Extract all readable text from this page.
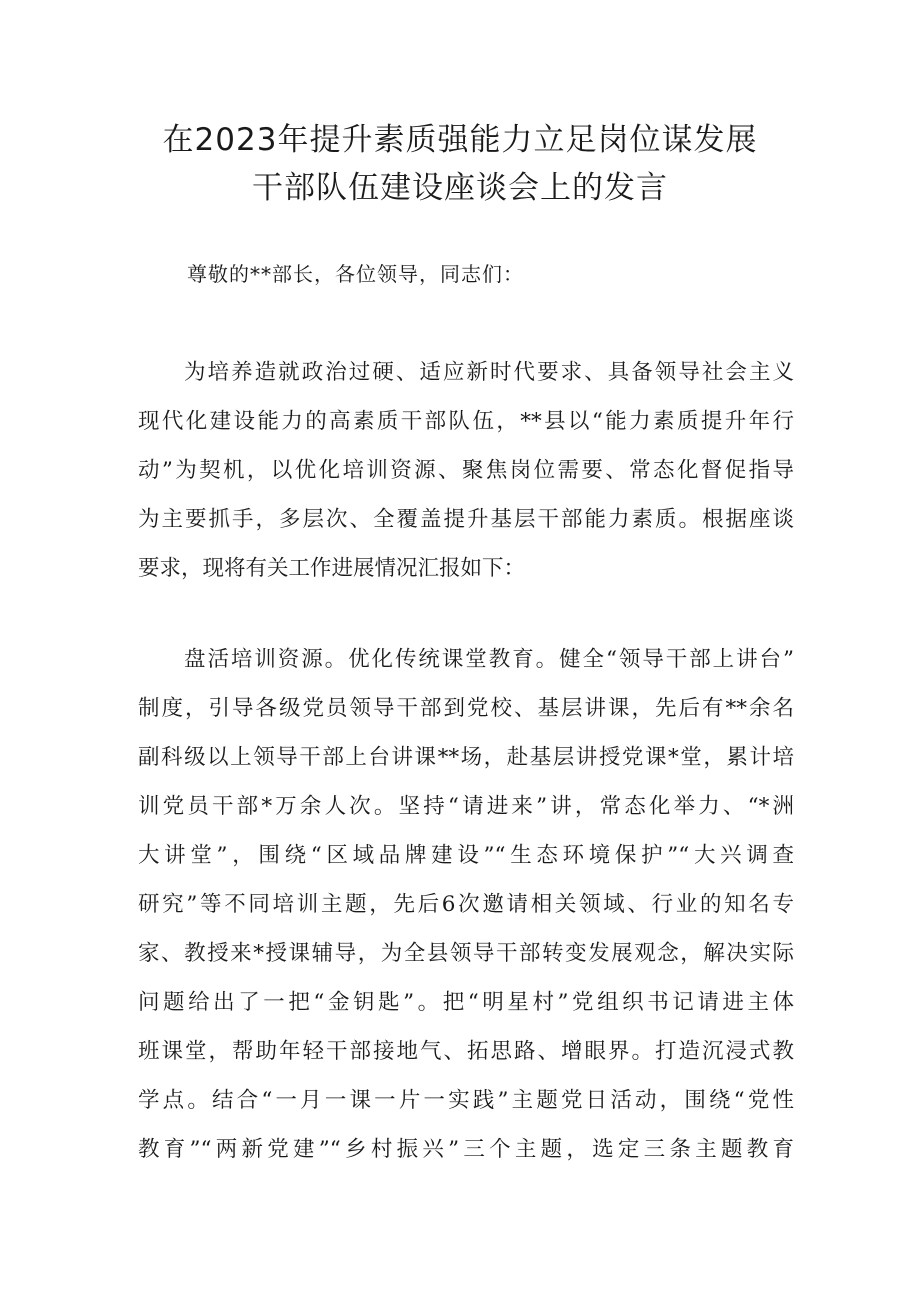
在2023年提升素质强能力立足岗位谋发展
干部队伍建设座谈会上的发言
尊敬的**部长，各位领导，同志们：
为培养造就政治过硬、适应新时代要求、具备领导社会主义
现代化建设能力的高素质干部队伍，**县以“能力素质提升年行
动”为契机，以优化培训资源、聚焦岗位需要、常态化督促指导
为主要抓手，多层次、全覆盖提升基层干部能力素质。根据座谈
要求，现将有关工作进展情况汇报如下：
盘活培训资源。优化传统课堂教育。健全“领导干部上讲台”
制度，引导各级党员领导干部到党校、基层讲课，先后有**余名
副科级以上领导干部上台讲课**场，赴基层讲授党课*堂，累计培
训党员干部*万余人次。坚持“请进来”讲，常态化举力、“*洲
大讲堂”，围绕“区域品牌建设”“生态环境保护”“大兴调查
研究”等不同培训主题，先后6次邀请相关领域、行业的知名专
家、教授来*授课辅导，为全县领导干部转变发展观念，解决实际
问题给出了一把“金钥匙”。把“明星村”党组织书记请进主体
班课堂，帮助年轻干部接地气、拓思路、增眼界。打造沉浸式教
学点。结合“一月一课一片一实践”主题党日活动，围绕“党性
教育”“两新党建”“乡村振兴”三个主题，选定三条主题教育
